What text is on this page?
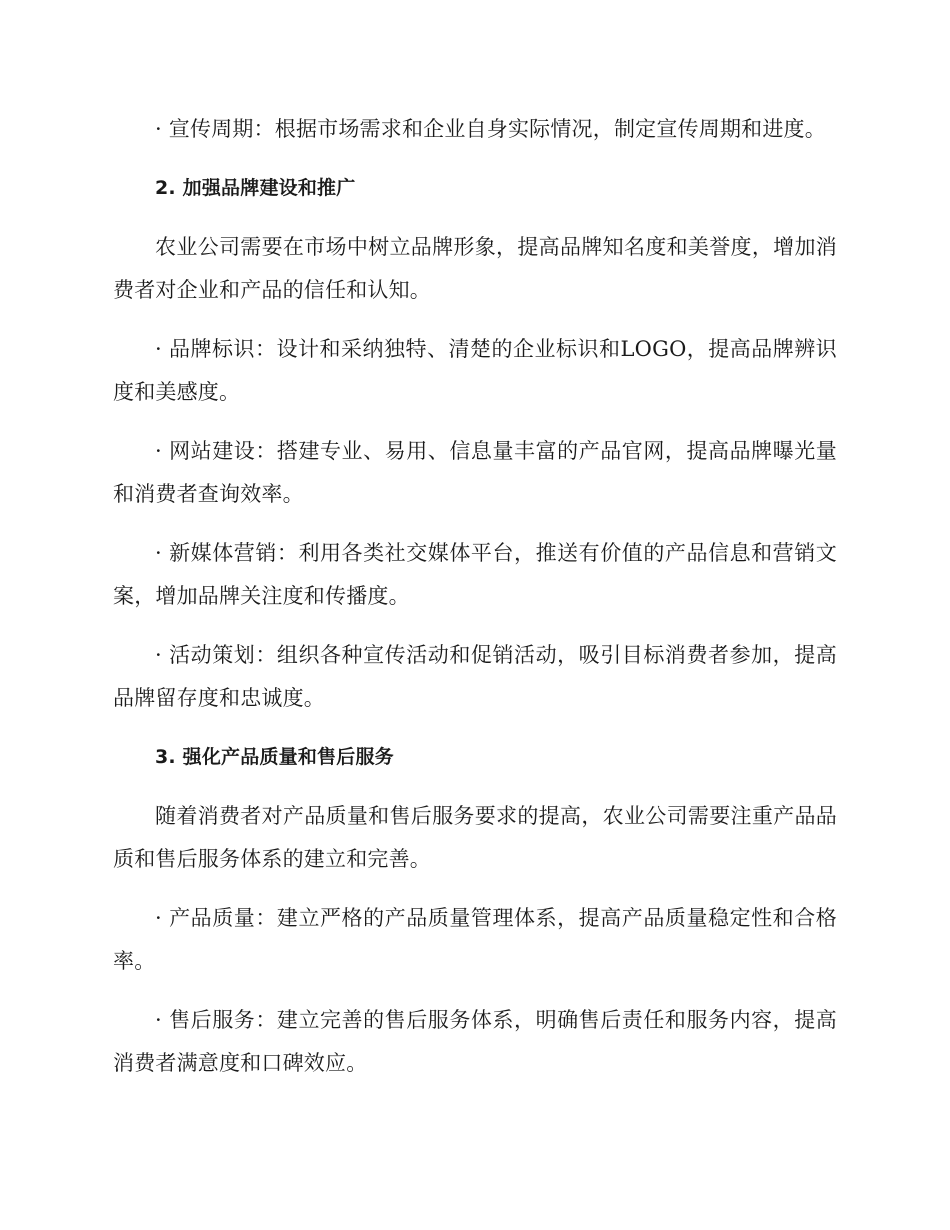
· 宣传周期：根据市场需求和企业自身实际情况，制定宣传周期和进度。

2. 加强品牌建设和推广

农业公司需要在市场中树立品牌形象，提高品牌知名度和美誉度，增加消费者对企业和产品的信任和认知。

· 品牌标识：设计和采纳独特、清楚的企业标识和LOGO，提高品牌辨识度和美感度。

· 网站建设：搭建专业、易用、信息量丰富的产品官网，提高品牌曝光量和消费者查询效率。

· 新媒体营销：利用各类社交媒体平台，推送有价值的产品信息和营销文案，增加品牌关注度和传播度。

· 活动策划：组织各种宣传活动和促销活动，吸引目标消费者参加，提高品牌留存度和忠诚度。

3. 强化产品质量和售后服务

随着消费者对产品质量和售后服务要求的提高，农业公司需要注重产品品质和售后服务体系的建立和完善。

· 产品质量：建立严格的产品质量管理体系，提高产品质量稳定性和合格率。

· 售后服务：建立完善的售后服务体系，明确售后责任和服务内容，提高消费者满意度和口碑效应。
